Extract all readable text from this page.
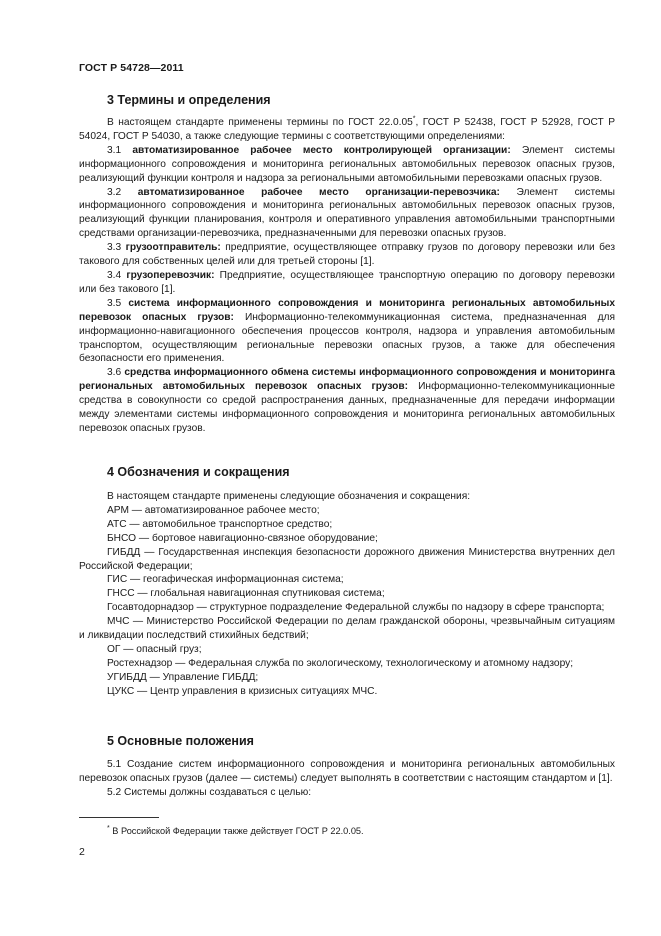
ГОСТ Р 54728—2011
3 Термины и определения

В настоящем стандарте применены термины по ГОСТ 22.0.05*, ГОСТ Р 52438, ГОСТ Р 52928, ГОСТ Р 54024, ГОСТ Р 54030, а также следующие термины с соответствующими определениями:

3.1 автоматизированное рабочее место контролирующей организации: Элемент системы информационного сопровождения и мониторинга региональных автомобильных перевозок опасных грузов, реализующий функции контроля и надзора за региональными автомобильными перевозками опасных грузов.

3.2 автоматизированное рабочее место организации-перевозчика: Элемент системы информационного сопровождения и мониторинга региональных автомобильных перевозок опасных грузов, реализующий функции планирования, контроля и оперативного управления автомобильными транспортными средствами организации-перевозчика, предназначенными для перевозки опасных грузов.

3.3 грузоотправитель: предприятие, осуществляющее отправку грузов по договору перевозки или без такового для собственных целей или для третьей стороны [1].

3.4 грузоперевозчик: Предприятие, осуществляющее транспортную операцию по договору перевозки или без такового [1].

3.5 система информационного сопровождения и мониторинга региональных автомобильных перевозок опасных грузов: Информационно-телекоммуникационная система, предназначенная для информационно-навигационного обеспечения процессов контроля, надзора и управления автомобильным транспортом, осуществляющим региональные перевозки опасных грузов, а также для обеспечения безопасности его применения.

3.6 средства информационного обмена системы информационного сопровождения и мониторинга региональных автомобильных перевозок опасных грузов: Информационно-телекоммуникационные средства в совокупности со средой распространения данных, предназначенные для передачи информации между элементами системы информационного сопровождения и мониторинга региональных автомобильных перевозок опасных грузов.

4 Обозначения и сокращения

В настоящем стандарте применены следующие обозначения и сокращения:

АРМ — автоматизированное рабочее место;

АТС — автомобильное транспортное средство;

БНСО — бортовое навигационно-связное оборудование;

ГИБДД — Государственная инспекция безопасности дорожного движения Министерства внутренних дел Российской Федерации;

ГИС — геогафическая информационная система;

ГНСС — глобальная навигационная спутниковая система;

Госавтодорнадзор — структурное подразделение Федеральной службы по надзору в сфере транспорта;

МЧС — Министерство Российской Федерации по делам гражданской обороны, чрезвычайным ситуациям и ликвидации последствий стихийных бедствий;

ОГ — опасный груз;

Ростехнадзор — Федеральная служба по экологическому, технологическому и атомному надзору;

УГИБДД — Управление ГИБДД;

ЦУКС — Центр управления в кризисных ситуациях МЧС.

5 Основные положения

5.1 Создание систем информационного сопровождения и мониторинга региональных автомобильных перевозок опасных грузов (далее — системы) следует выполнять в соответствии с настоящим стандартом и [1].

5.2 Системы должны создаваться с целью:

* В Российской Федерации также действует ГОСТ Р 22.0.05.
2
